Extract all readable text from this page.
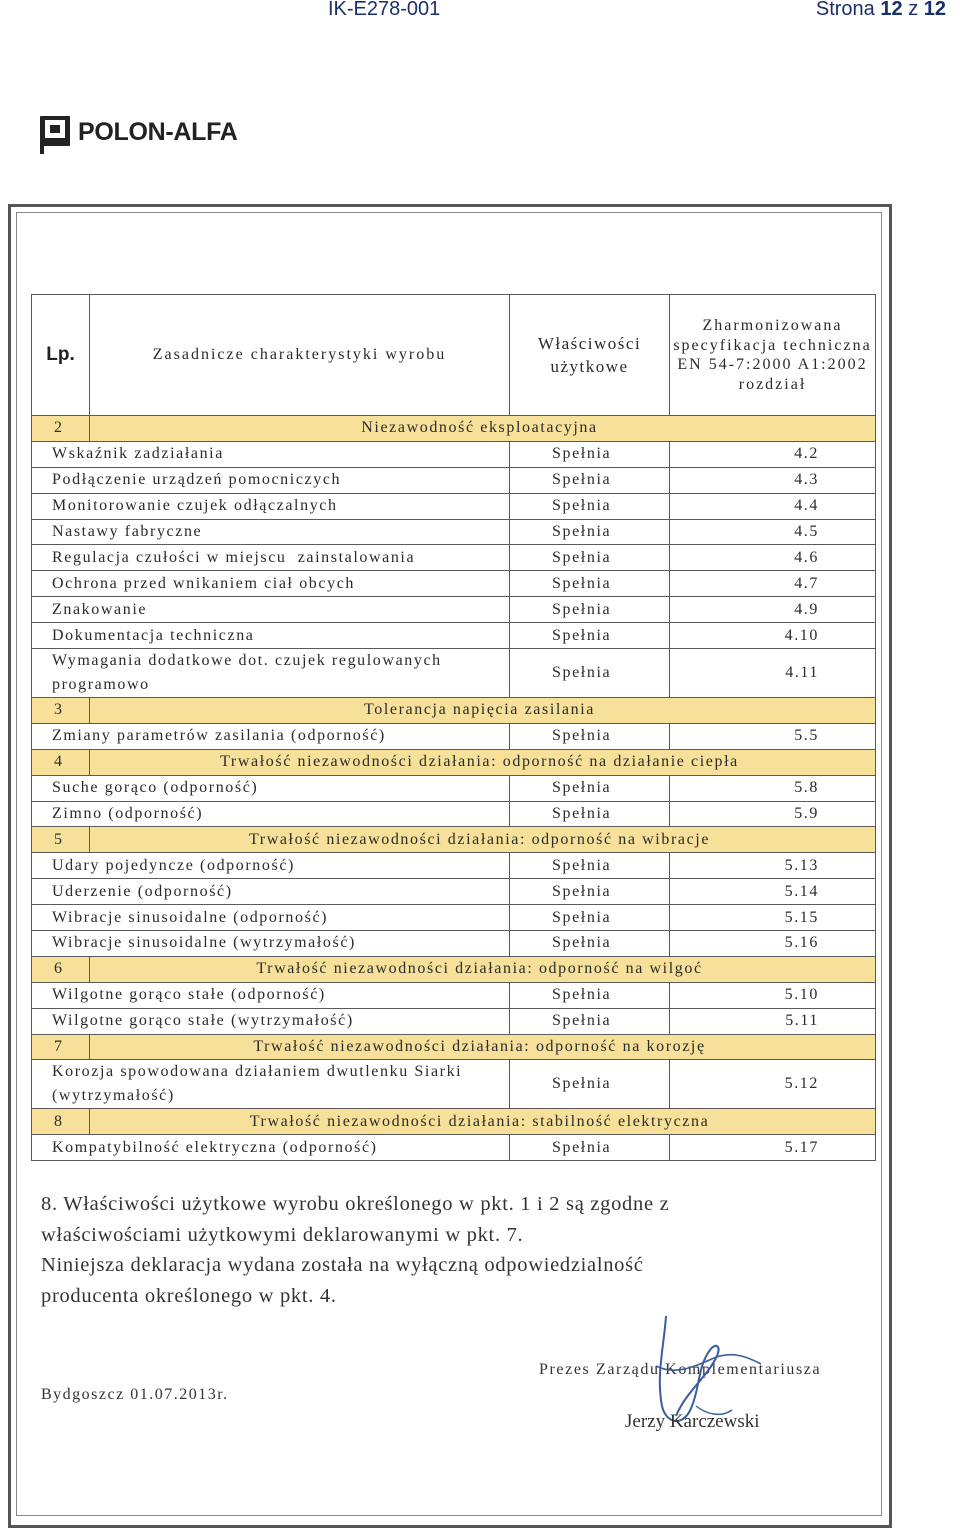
IK-E278-001	Strona 12 z 12
POLON-ALFA
Lp.	Zasadnicze charakterystyki wyrobu	Właściwości użytkowe	Zharmonizowana specyfikacja techniczna EN 54-7:2000 A1:2002 rozdział
2	Niezawodność eksploatacyjna		

Wskaźnik zadziałania		Spełnia	4.2
Podłączenie urządzeń pomocniczych		Spełnia	4.3
Monitorowanie czujek odłączalnych		Spełnia	4.4
Nastawy fabryczne		Spełnia	4.5
Regulacja czułości w miejscu  zainstalowania		Spełnia	4.6
Ochrona przed wnikaniem ciał obcych		Spełnia	4.7
Znakowanie		Spełnia	4.9
Dokumentacja techniczna		Spełnia	4.10
Wymagania dodatkowe dot. czujek regulowanych programowo		Spełnia	4.11
3	Tolerancja napięcia zasilania		

Zmiany parametrów zasilania (odporność)		Spełnia	5.5
4	Trwałość niezawodności działania: odporność na działanie ciepła		

Suche gorąco (odporność)		Spełnia	5.8
Zimno (odporność)		Spełnia	5.9
5	Trwałość niezawodności działania: odporność na wibracje		

Udary pojedyncze (odporność)		Spełnia	5.13
Uderzenie (odporność)		Spełnia	5.14
Wibracje sinusoidalne (odporność)		Spełnia	5.15
Wibracje sinusoidalne (wytrzymałość)		Spełnia	5.16
6	Trwałość niezawodności działania: odporność na wilgoć		

Wilgotne gorąco stałe (odporność)		Spełnia	5.10
Wilgotne gorąco stałe (wytrzymałość)		Spełnia	5.11
7	Trwałość niezawodności działania: odporność na korozję		

Korozja spowodowana działaniem dwutlenku Siarki (wytrzymałość)		Spełnia	5.12
8	Trwałość niezawodności działania: stabilność elektryczna		

Kompatybilność elektryczna (odporność)		Spełnia	5.17
8. Właściwości użytkowe wyrobu określonego w pkt. 1 i 2 są zgodne z
właściwościami użytkowymi deklarowanymi w pkt. 7.
Niniejsza deklaracja wydana została na wyłączną odpowiedzialność
producenta określonego w pkt. 4.
Bydgoszcz 01.07.2013r.
Prezes Zarządu Komplementariusza
Jerzy Karczewski
